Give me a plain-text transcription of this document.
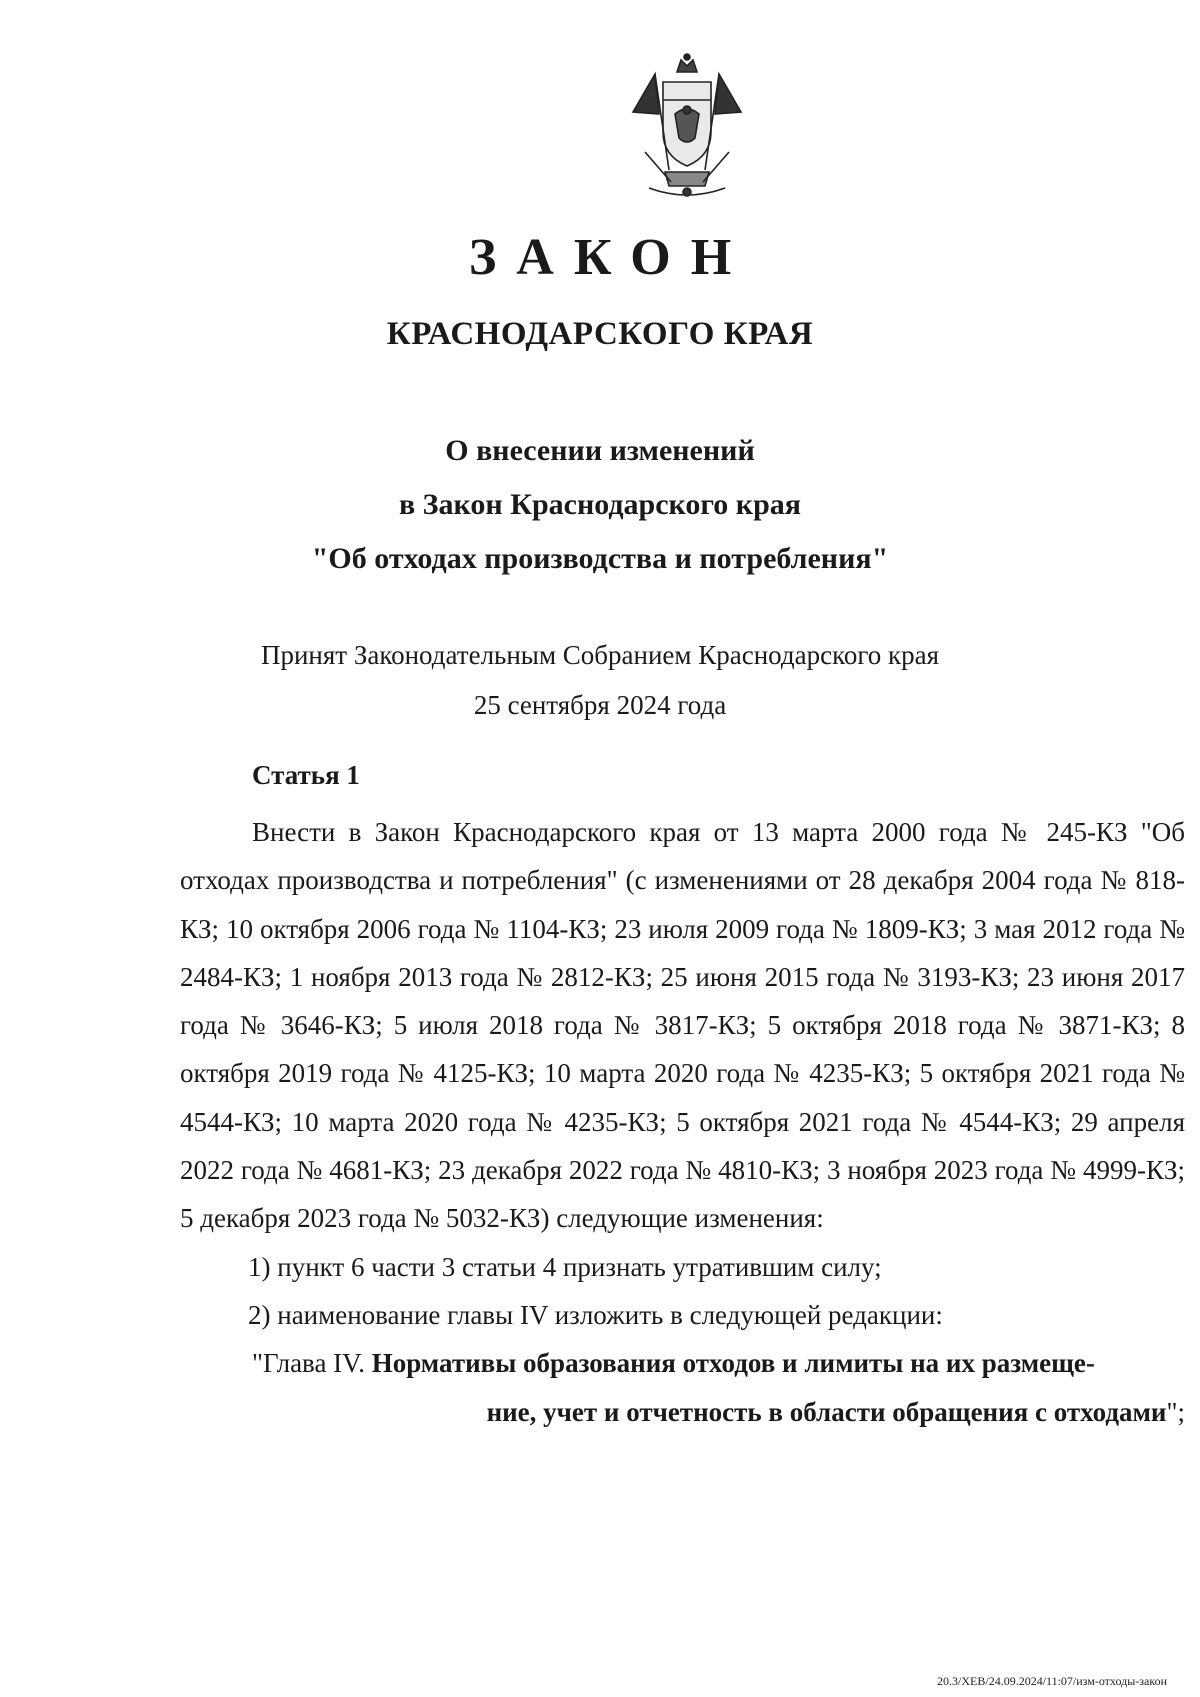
ЗАКОН
КРАСНОДАРСКОГО КРАЯ
О внесении изменений
в Закон Краснодарского края
"Об отходах производства и потребления"
Принят Законодательным Собранием Краснодарского края
25 сентября 2024 года
Статья 1

Внести в Закон Краснодарского края от 13 марта 2000 года № 245-КЗ "Об отходах производства и потребления" (с изменениями от 28 декабря 2004 года № 818-КЗ; 10 октября 2006 года № 1104-КЗ; 23 июля 2009 года № 1809-КЗ; 3 мая 2012 года № 2484-КЗ; 1 ноября 2013 года № 2812-КЗ; 25 июня 2015 года № 3193-КЗ; 23 июня 2017 года № 3646-КЗ; 5 июля 2018 года № 3817-КЗ; 5 октября 2018 года № 3871-КЗ; 8 октября 2019 года № 4125-КЗ; 10 марта 2020 года № 4235-КЗ; 5 октября 2021 года № 4544-КЗ; 10 марта 2020 года № 4235-КЗ; 5 октября 2021 года № 4544-КЗ; 29 апреля 2022 года № 4681-КЗ; 23 декабря 2022 года № 4810-КЗ; 3 ноября 2023 года № 4999-КЗ; 5 декабря 2023 года № 5032-КЗ) следующие изменения:

1) пункт 6 части 3 статьи 4 признать утратившим силу;

2) наименование главы IV изложить в следующей редакции:

"Глава IV. Нормативы образования отходов и лимиты на их размеще-

ние, учет и отчетность в области обращения с отходами";

20.3/ХЕВ/24.09.2024/11:07/изм-отходы-закон
